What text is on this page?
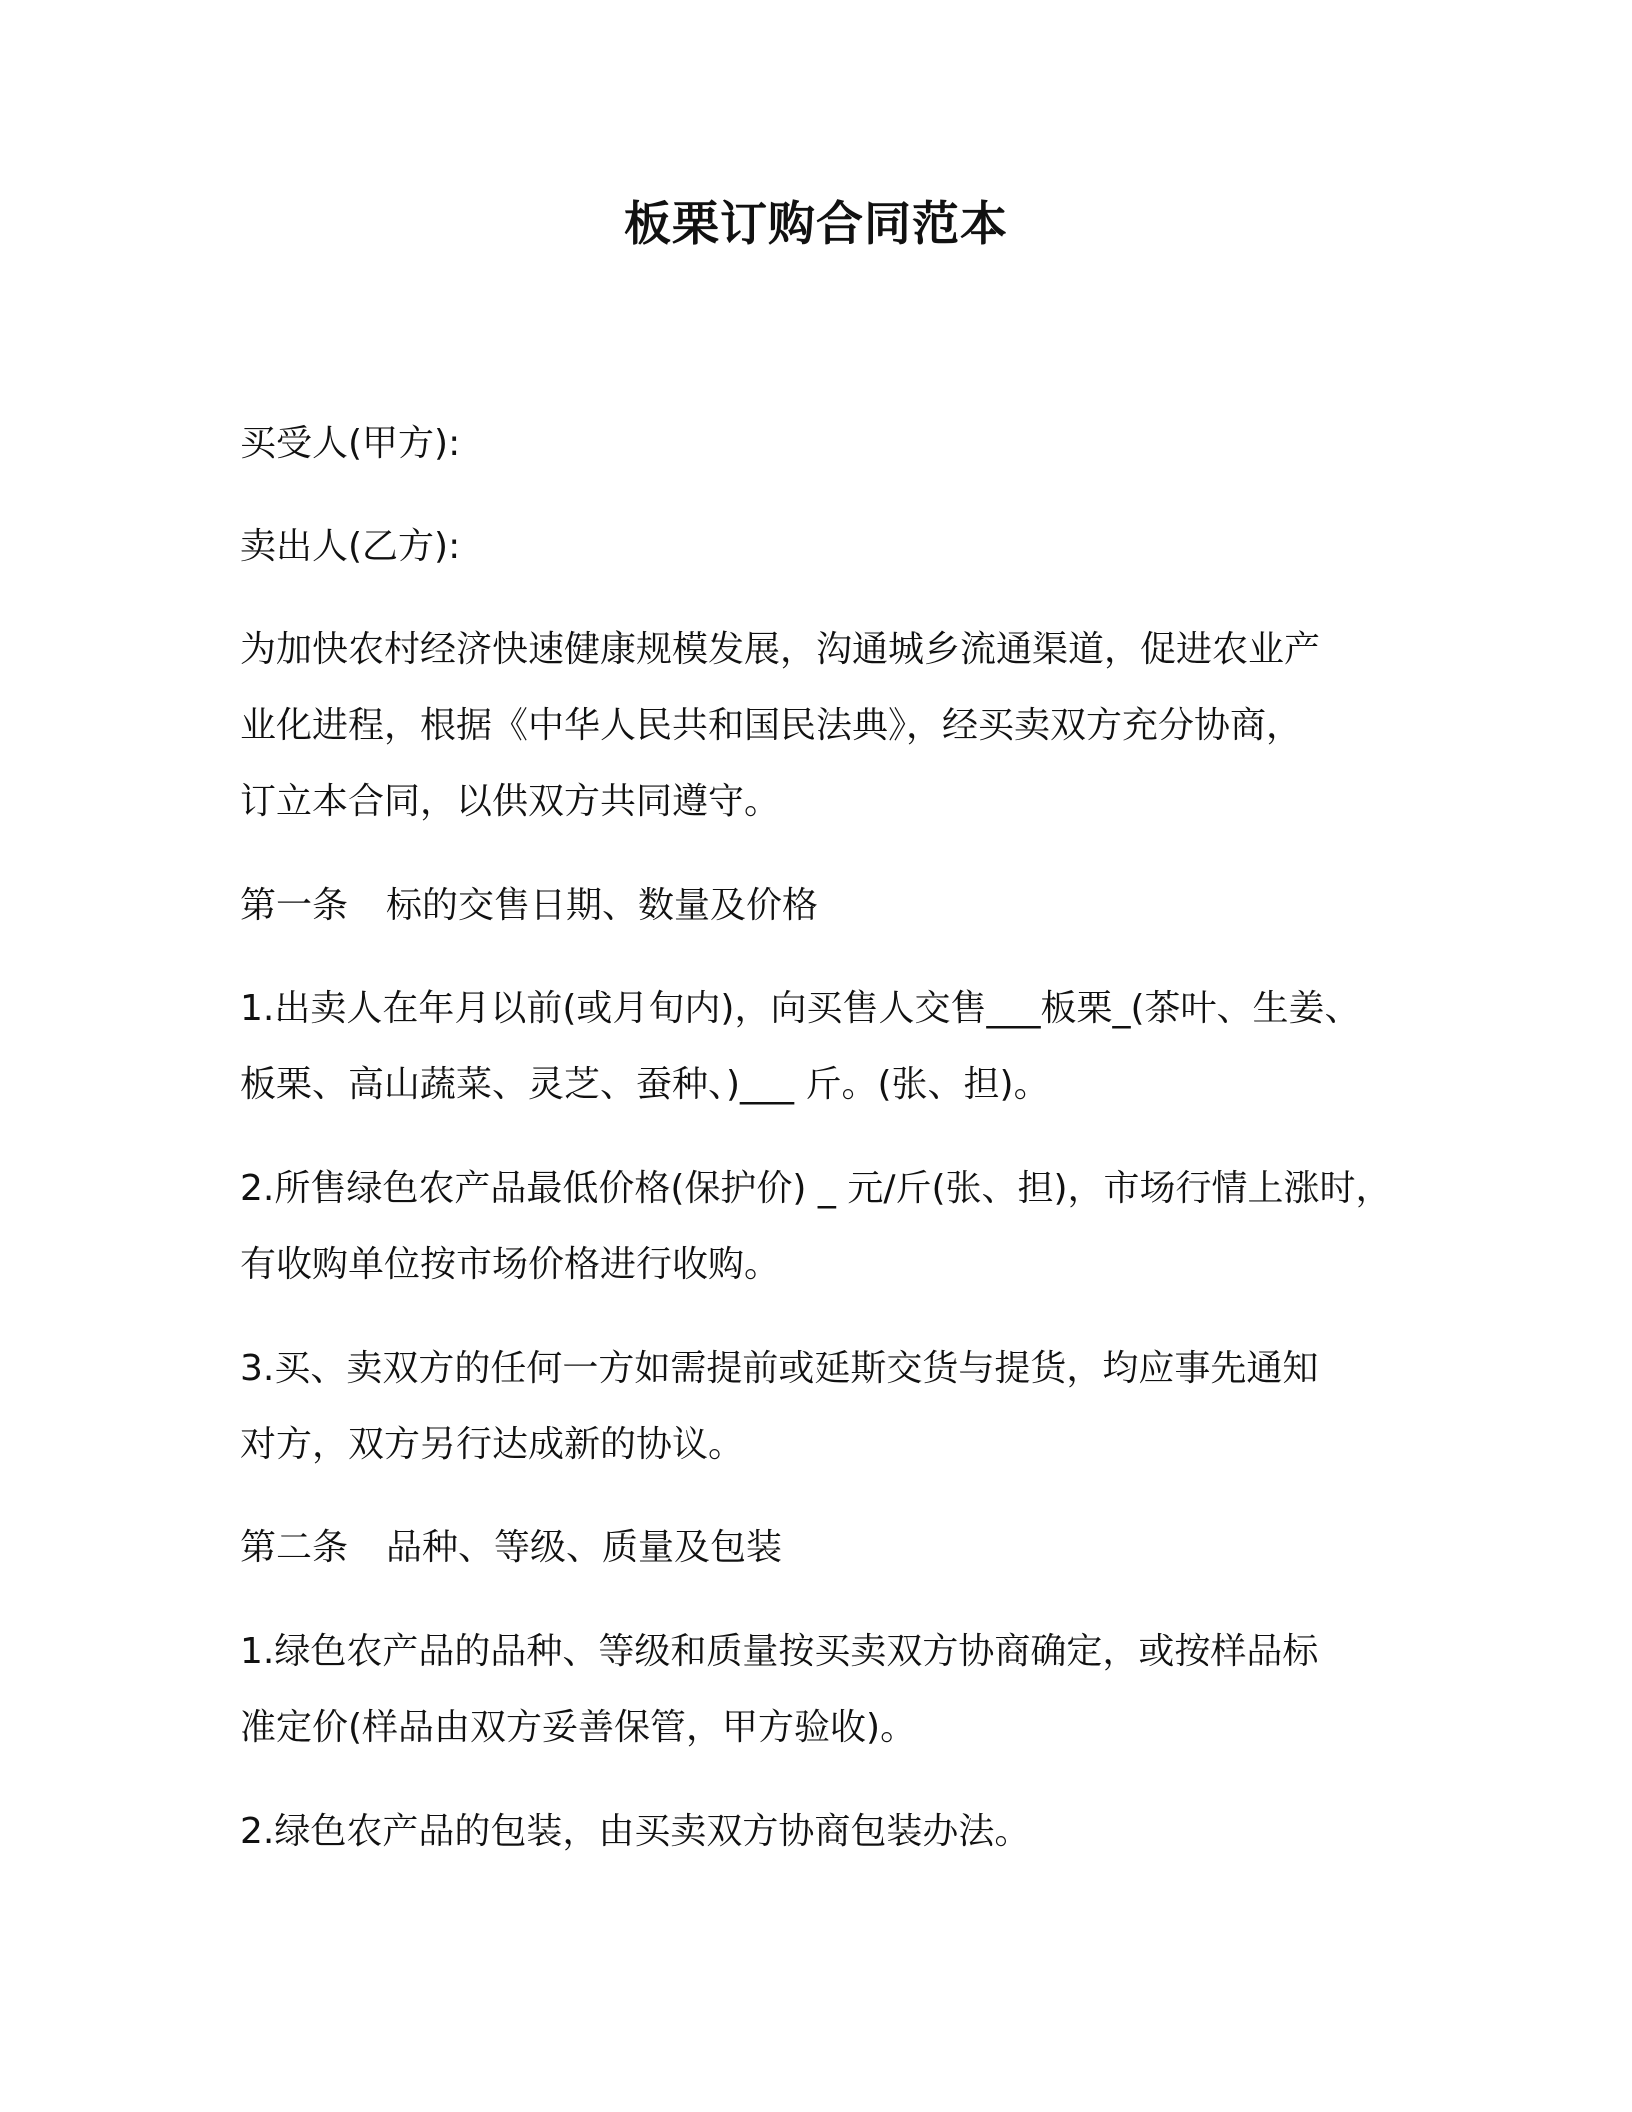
板栗订购合同范本
买受人(甲方):
卖出人(乙方):
为加快农村经济快速健康规模发展，沟通城乡流通渠道，促进农业产
业化进程，根据《中华人民共和国民法典》，经买卖双方充分协商，
订立本合同，以供双方共同遵守。
第一条 标的交售日期、数量及价格
1.出卖人在年月以前(或月旬内)，向买售人交售___板栗_(茶叶、生姜、
板栗、高山蔬菜、灵芝、蚕种、)___ 斤。(张、担)。
2.所售绿色农产品最低价格(保护价) _ 元/斤(张、担)，市场行情上涨时，
有收购单位按市场价格进行收购。
3.买、卖双方的任何一方如需提前或延斯交货与提货，均应事先通知
对方，双方另行达成新的协议。
第二条 品种、等级、质量及包装
1.绿色农产品的品种、等级和质量按买卖双方协商确定，或按样品标
准定价(样品由双方妥善保管，甲方验收)。
2.绿色农产品的包装，由买卖双方协商包装办法。
